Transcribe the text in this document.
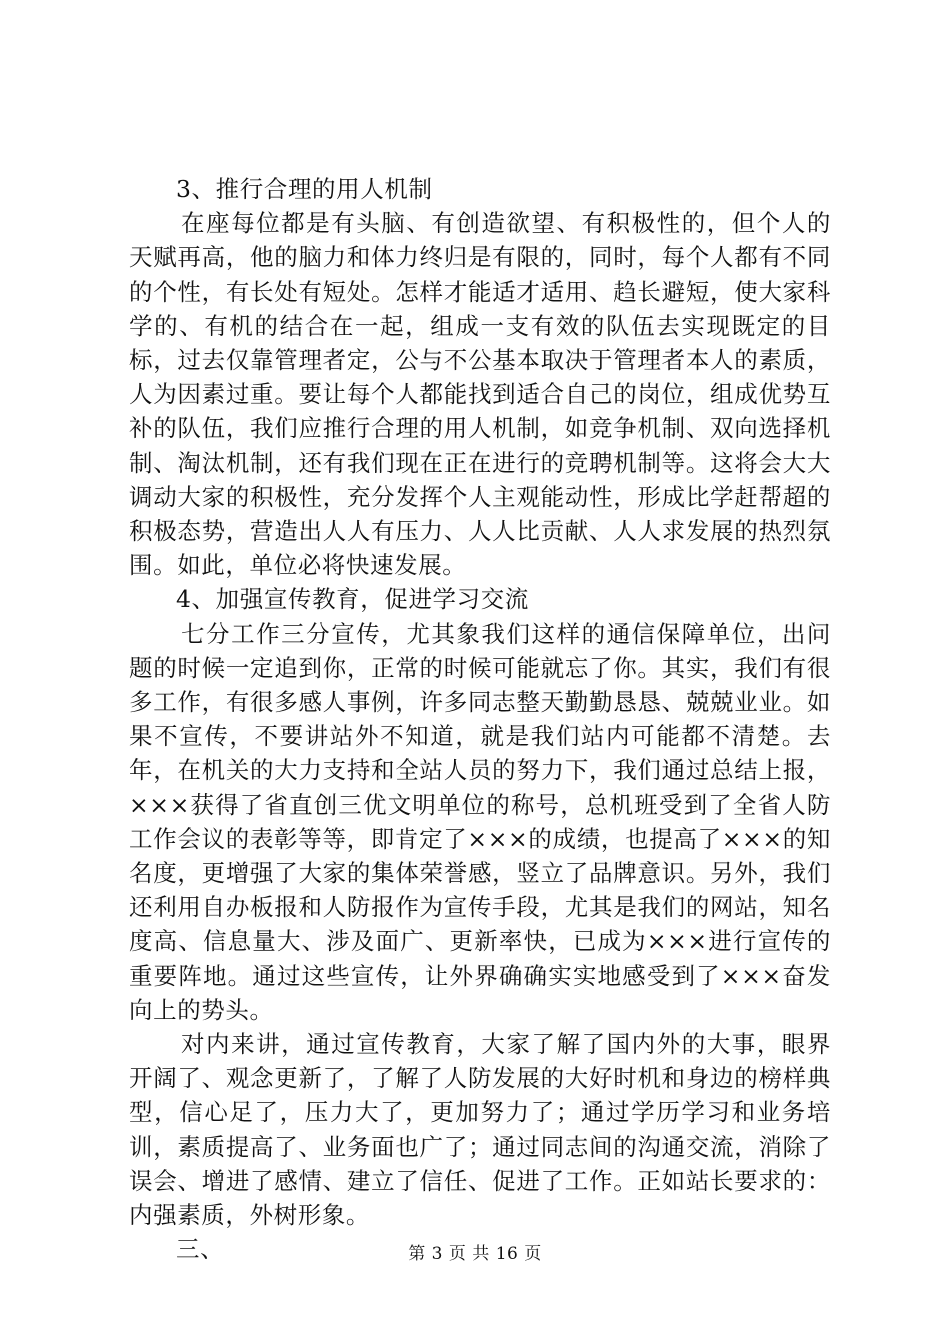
3、推行合理的用人机制

在座每位都是有头脑、有创造欲望、有积极性的，但个人的天赋再高，他的脑力和体力终归是有限的，同时，每个人都有不同的个性，有长处有短处。怎样才能适才适用、趋长避短，使大家科学的、有机的结合在一起，组成一支有效的队伍去实现既定的目标，过去仅靠管理者定，公与不公基本取决于管理者本人的素质，人为因素过重。要让每个人都能找到适合自己的岗位，组成优势互补的队伍，我们应推行合理的用人机制，如竞争机制、双向选择机制、淘汰机制，还有我们现在正在进行的竞聘机制等。这将会大大调动大家的积极性，充分发挥个人主观能动性，形成比学赶帮超的积极态势，营造出人人有压力、人人比贡献、人人求发展的热烈氛围。如此，单位必将快速发展。

4、加强宣传教育，促进学习交流

七分工作三分宣传，尤其象我们这样的通信保障单位，出问题的时候一定追到你，正常的时候可能就忘了你。其实，我们有很多工作，有很多感人事例，许多同志整天勤勤恳恳、兢兢业业。如果不宣传，不要讲站外不知道，就是我们站内可能都不清楚。去年，在机关的大力支持和全站人员的努力下，我们通过总结上报，×××获得了省直创三优文明单位的称号，总机班受到了全省人防工作会议的表彰等等，即肯定了×××的成绩，也提高了×××的知名度，更增强了大家的集体荣誉感，竖立了品牌意识。另外，我们还利用自办板报和人防报作为宣传手段，尤其是我们的网站，知名度高、信息量大、涉及面广、更新率快，已成为×××进行宣传的重要阵地。通过这些宣传，让外界确确实实地感受到了×××奋发向上的势头。

对内来讲，通过宣传教育，大家了解了国内外的大事，眼界开阔了、观念更新了，了解了人防发展的大好时机和身边的榜样典型，信心足了，压力大了，更加努力了；通过学历学习和业务培训，素质提高了、业务面也广了；通过同志间的沟通交流，消除了误会、增进了感情、建立了信任、促进了工作。正如站长要求的：内强素质，外树形象。

三、	第 3 页 共 16 页
